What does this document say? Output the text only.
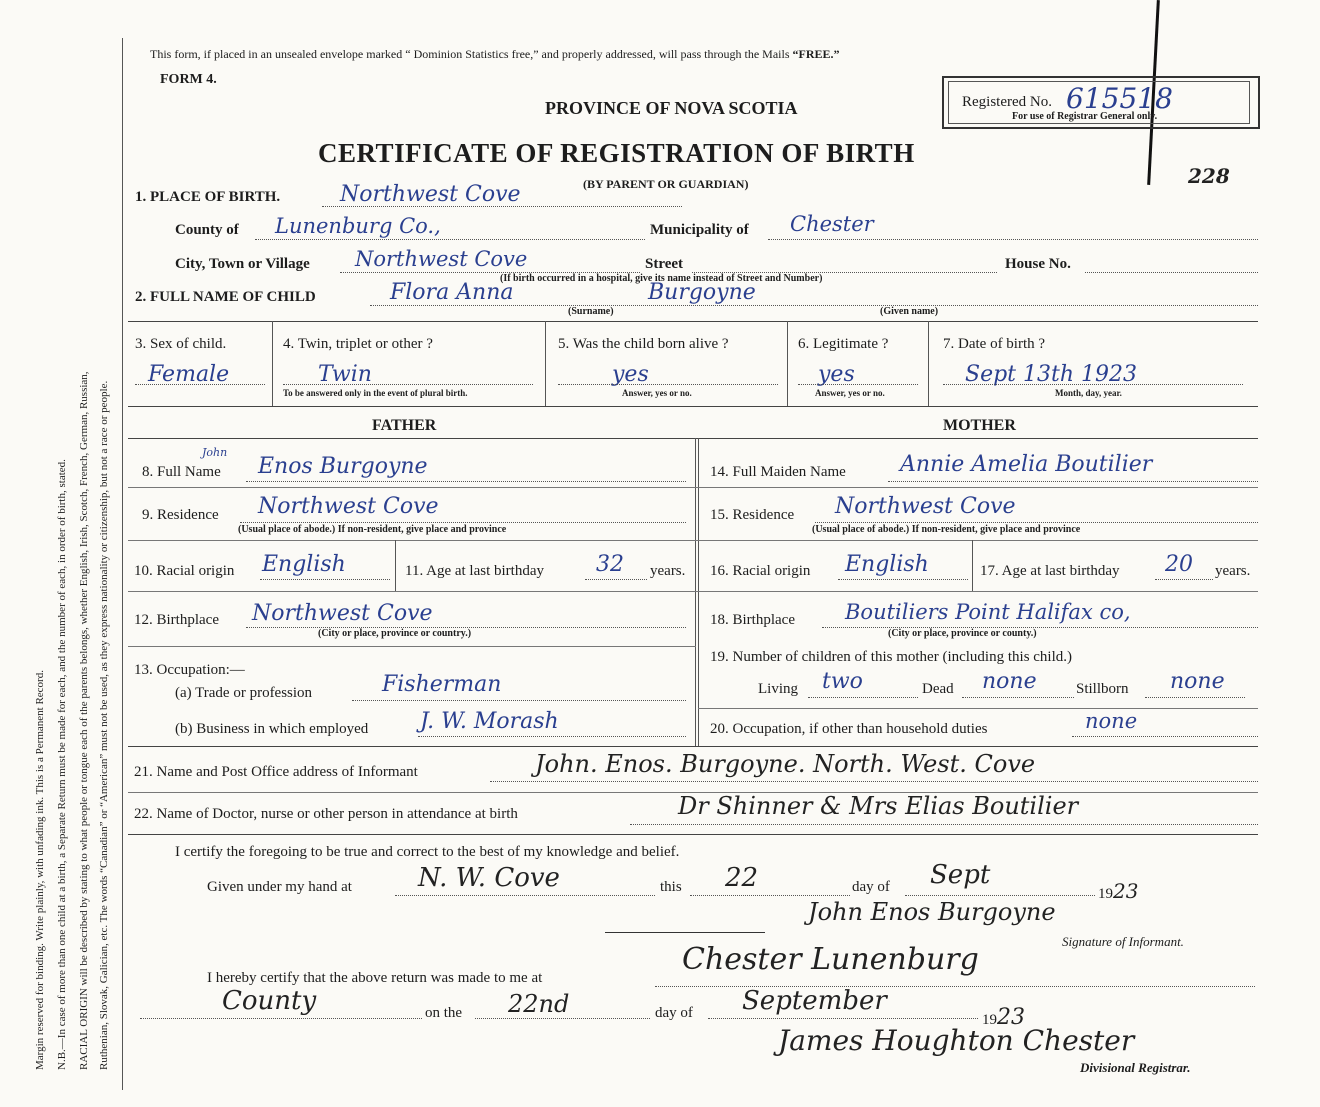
Margin reserved for binding. Write plainly, with unfading ink. This is a Permanent Record. N.B.—In case of more than one child at a birth, a Separate Return must be made for each, and the number of each, in order of birth, stated. RACIAL ORIGIN will be described by stating to what people or tongue each of the parents belongs, whether English, Irish, Scotch, French, German, Russian, Ruthenian, Slovak, Galician, etc. The words “Canadian” or “American” must not be used, as they express nationality or citizenship, but not a race or people.
This form, if placed in an unsealed envelope marked “ Dominion Statistics free,” and properly addressed, will pass through the Mails “FREE.”
FORM 4.
PROVINCE OF NOVA SCOTIA
CERTIFICATE OF REGISTRATION OF BIRTH
(BY PARENT OR GUARDIAN)
Registered No. 615518
For use of Registrar General only.
228
1. PLACE OF BIRTH.	Northwest Cove
County of Lunenburg Co.,	Municipality of Chester
City, Town or Village Northwest Cove	Street	House No.
(If birth occurred in a hospital, give its name instead of Street and Number)
2. FULL NAME OF CHILD	Flora Anna	Burgoyne
(Surname)	(Given name)
3. Sex of child.
Female
4. Twin, triplet or other ?
Twin
To be answered only in the event of plural birth.
5. Was the child born alive ?
yes
Answer, yes or no.
6. Legitimate ?
yes
Answer, yes or no.
7. Date of birth ?
Sept 13th 1923
Month, day, year.
FATHER	MOTHER
John
8. Full Name Enos Burgoyne
9. Residence Northwest Cove
(Usual place of abode.) If non-resident, give place and province
10. Racial origin English	11. Age at last birthday 32 years.
12. Birthplace Northwest Cove
(City or place, province or country.)
13. Occupation:—
(a) Trade or profession	Fisherman
(b) Business in which employed J. W. Morash
14. Full Maiden Name Annie Amelia Boutilier
15. Residence Northwest Cove
(Usual place of abode.) If non-resident, give place and province
16. Racial origin English	17. Age at last birthday 20 years.
18. Birthplace Boutiliers Point Halifax co,
(City or place, province or county.)
19. Number of children of this mother (including this child.)
Living two	Dead none	Stillborn none
20. Occupation, if other than household duties	none
21. Name and Post Office address of Informant	John. Enos. Burgoyne. North. West. Cove
22. Name of Doctor, nurse or other person in attendance at birth	Dr Shinner & Mrs Elias Boutilier
I certify the foregoing to be true and correct to the best of my knowledge and belief.
Given under my hand at	N. W. Cove	this 22	day of Sept
1923
John Enos Burgoyne
Signature of Informant.
I hereby certify that the above return was made to me at
Chester Lunenburg
County	on the 22nd	day of September
1923
James Houghton Chester
Divisional Registrar.
